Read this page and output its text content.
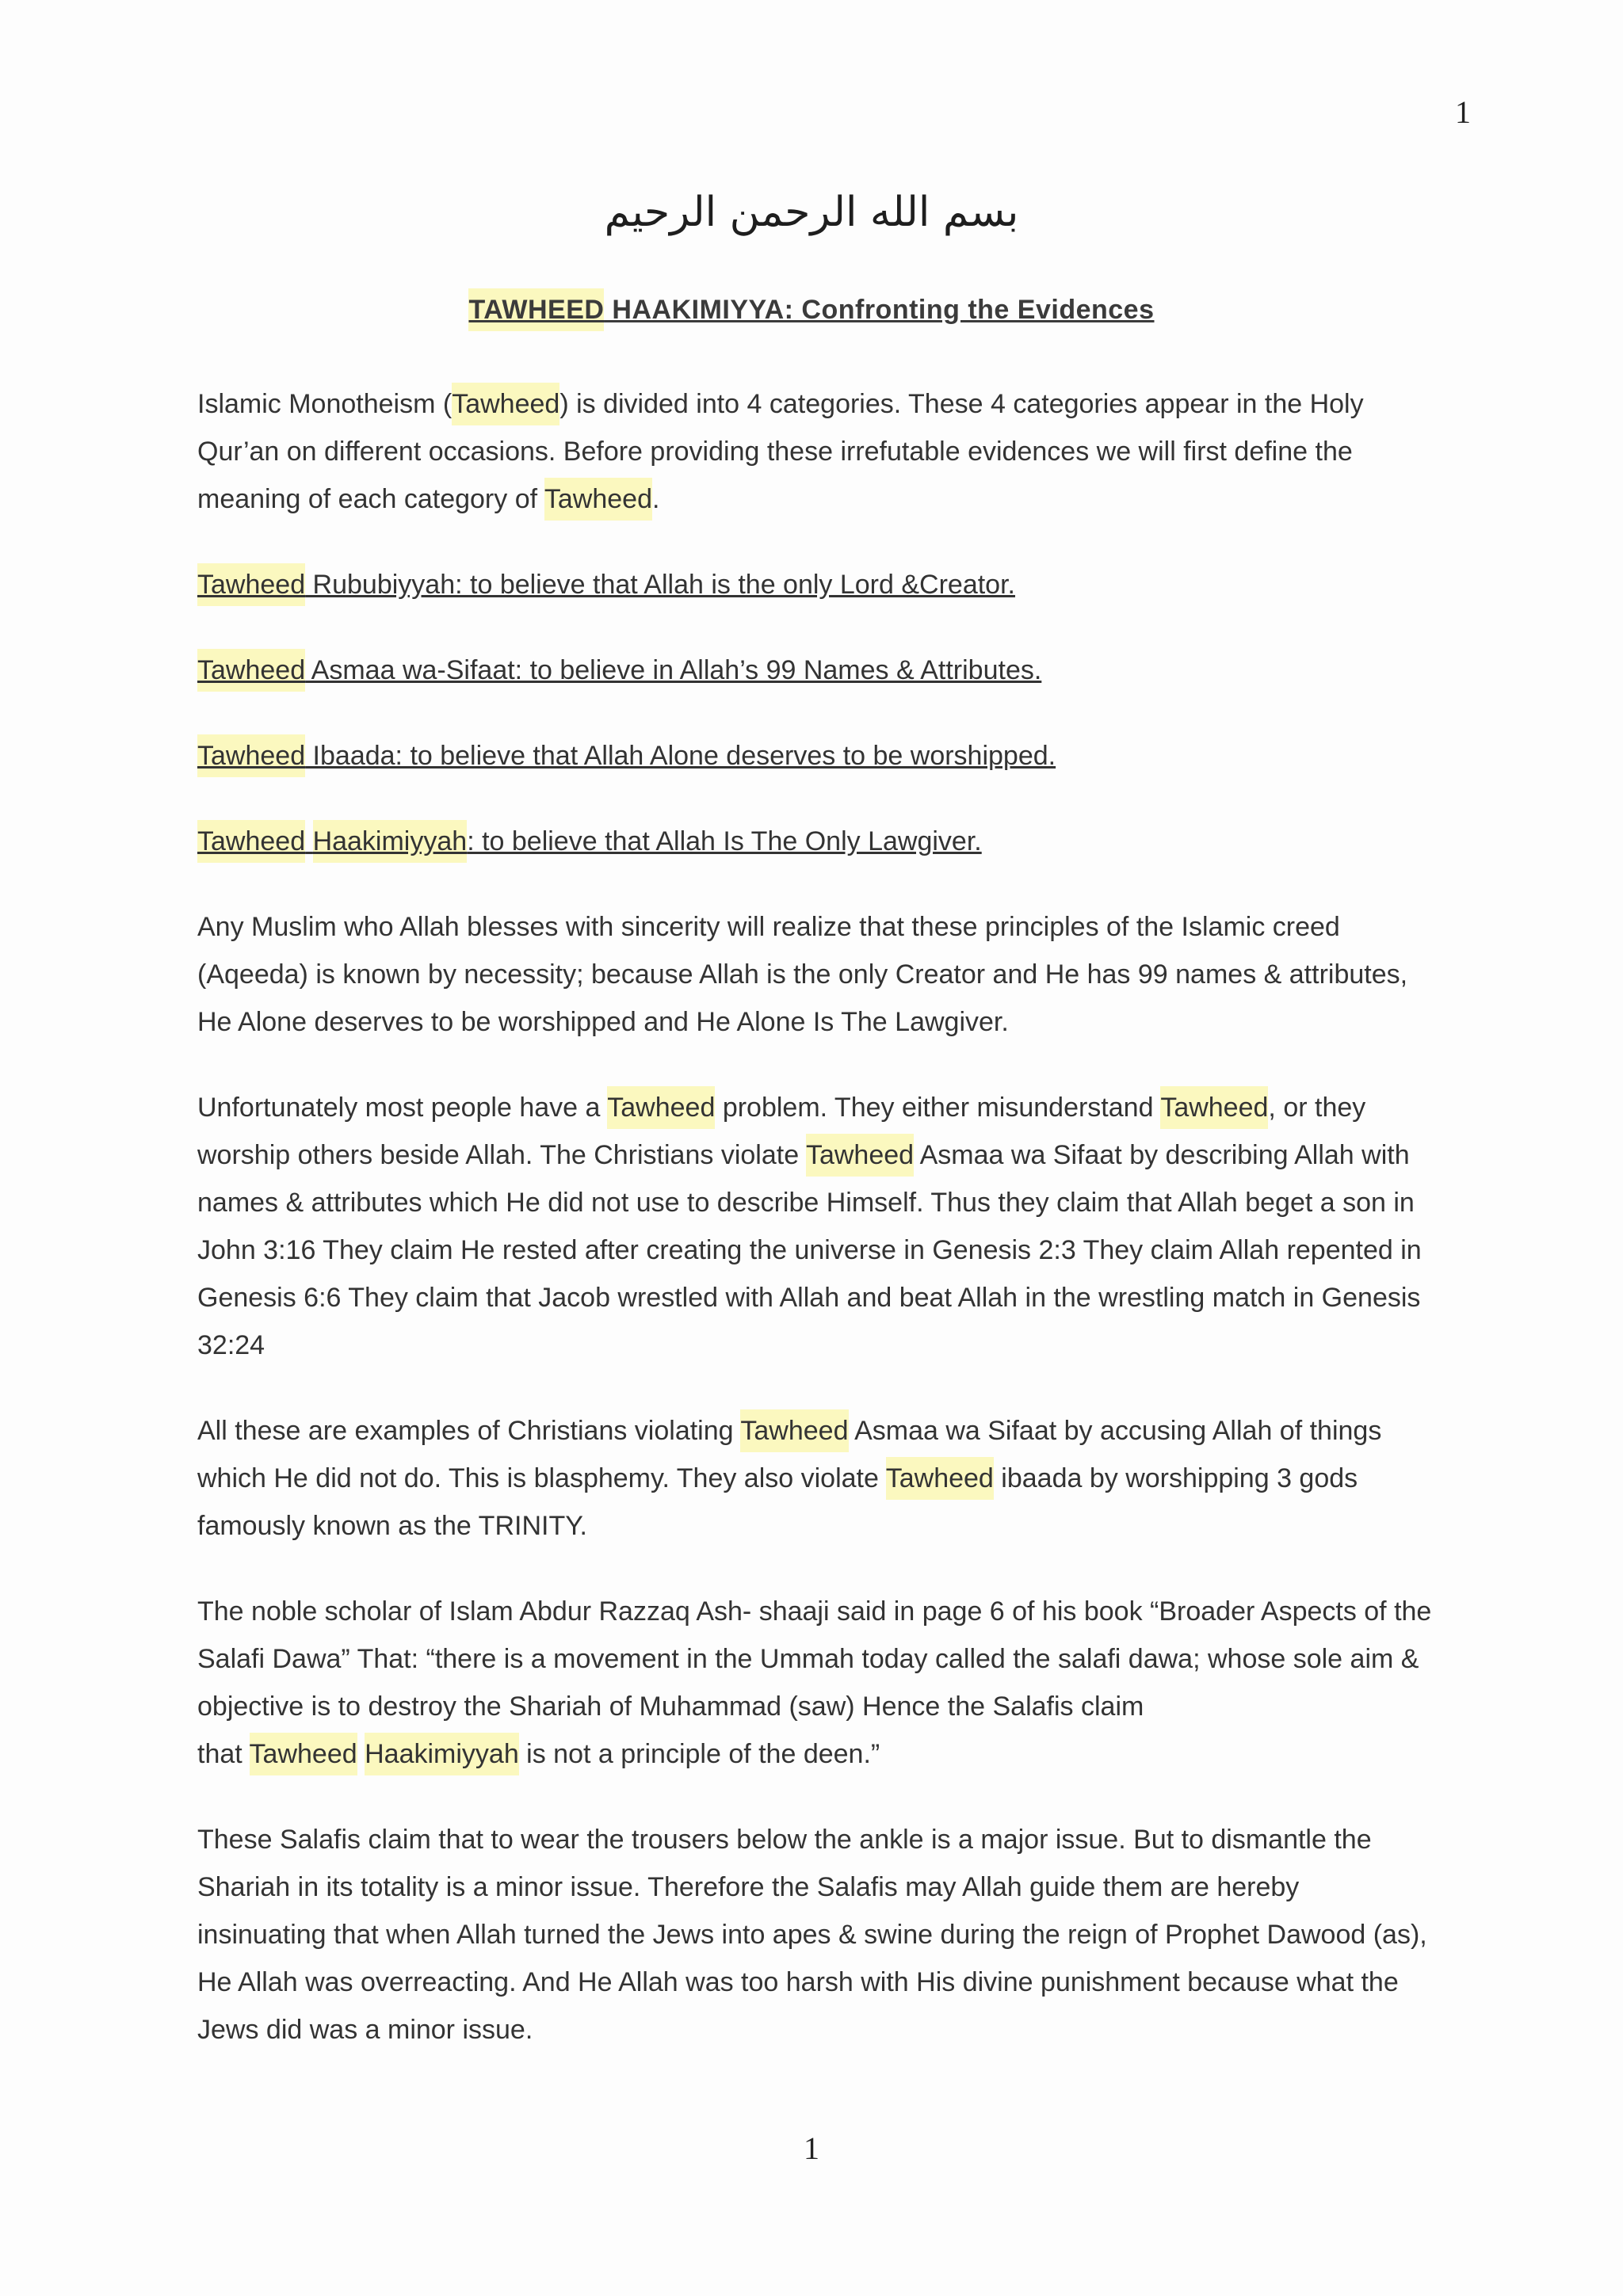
1
بسم الله الرحمن الرحيم
TAWHEED HAAKIMIYYA: Confronting the Evidences

Islamic Monotheism (Tawheed) is divided into 4 categories. These 4 categories appear in the Holy Qur’an on different occasions. Before providing these irrefutable evidences we will first define the meaning of each category of Tawheed.

Tawheed Rububiyyah: to believe that Allah is the only Lord &Creator.

Tawheed Asmaa wa-Sifaat: to believe in Allah’s 99 Names & Attributes.

Tawheed Ibaada: to believe that Allah Alone deserves to be worshipped.

Tawheed Haakimiyyah: to believe that Allah Is The Only Lawgiver.

Any Muslim who Allah blesses with sincerity will realize that these principles of the Islamic creed (Aqeeda) is known by necessity; because Allah is the only Creator and He has 99 names & attributes, He Alone deserves to be worshipped and He Alone Is The Lawgiver.

Unfortunately most people have a Tawheed problem. They either misunderstand Tawheed, or they worship others beside Allah. The Christians violate Tawheed Asmaa wa Sifaat by describing Allah with names & attributes which He did not use to describe Himself. Thus they claim that Allah beget a son in John 3:16 They claim He rested after creating the universe in Genesis 2:3 They claim Allah repented in Genesis 6:6 They claim that Jacob wrestled with Allah and beat Allah in the wrestling match in Genesis 32:24

All these are examples of Christians violating Tawheed Asmaa wa Sifaat by accusing Allah of things which He did not do. This is blasphemy. They also violate Tawheed ibaada by worshipping 3 gods famously known as the TRINITY.

The noble scholar of Islam Abdur Razzaq Ash- shaaji said in page 6 of his book “Broader Aspects of the Salafi Dawa” That: “there is a movement in the Ummah today called the salafi dawa; whose sole aim & objective is to destroy the Shariah of Muhammad (saw) Hence the Salafis claim
that Tawheed Haakimiyyah is not a principle of the deen.”

These Salafis claim that to wear the trousers below the ankle is a major issue. But to dismantle the Shariah in its totality is a minor issue. Therefore the Salafis may Allah guide them are hereby insinuating that when Allah turned the Jews into apes & swine during the reign of Prophet Dawood (as), He Allah was overreacting. And He Allah was too harsh with His divine punishment because what the Jews did was a minor issue.

1
